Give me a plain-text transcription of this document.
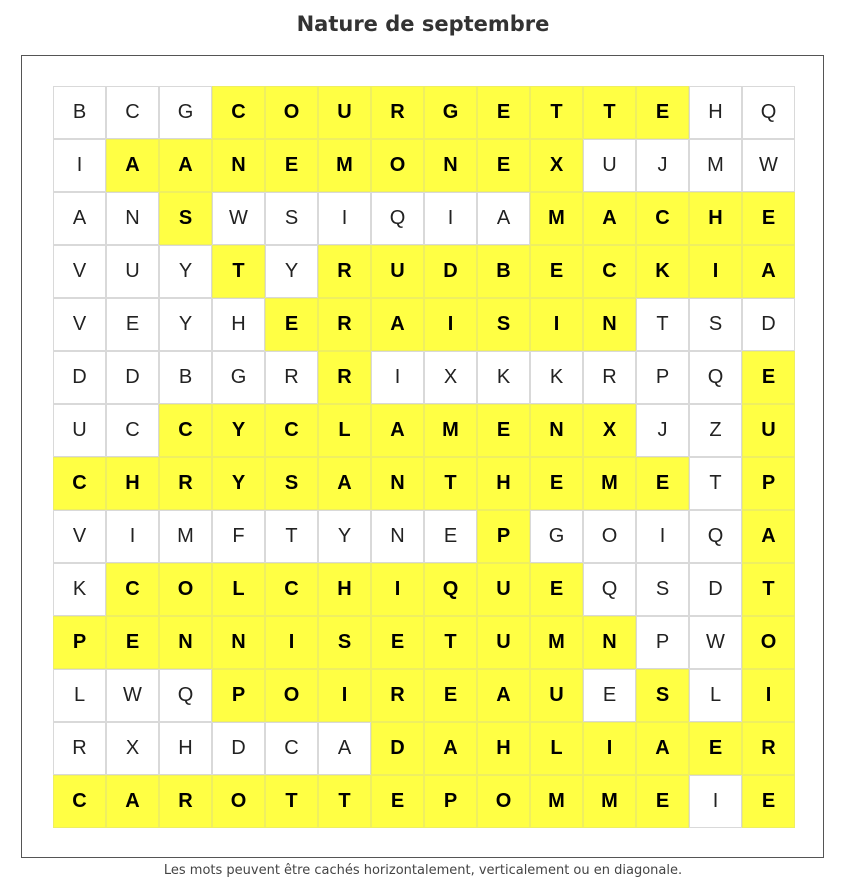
Nature de septembre
B	C	G	C	O	U	R	G	E	T	T	E	H	Q
I	A	A	N	E	M	O	N	E	X	U	J	M	W
A	N	S	W	S	I	Q	I	A	M	A	C	H	E
V	U	Y	T	Y	R	U	D	B	E	C	K	I	A
V	E	Y	H	E	R	A	I	S	I	N	T	S	D
D	D	B	G	R	R	I	X	K	K	R	P	Q	E
U	C	C	Y	C	L	A	M	E	N	X	J	Z	U
C	H	R	Y	S	A	N	T	H	E	M	E	T	P
V	I	M	F	T	Y	N	E	P	G	O	I	Q	A
K	C	O	L	C	H	I	Q	U	E	Q	S	D	T
P	E	N	N	I	S	E	T	U	M	N	P	W	O
L	W	Q	P	O	I	R	E	A	U	E	S	L	I
R	X	H	D	C	A	D	A	H	L	I	A	E	R
C	A	R	O	T	T	E	P	O	M	M	E	I	E
Les mots peuvent être cachés horizontalement, verticalement ou en diagonale.
